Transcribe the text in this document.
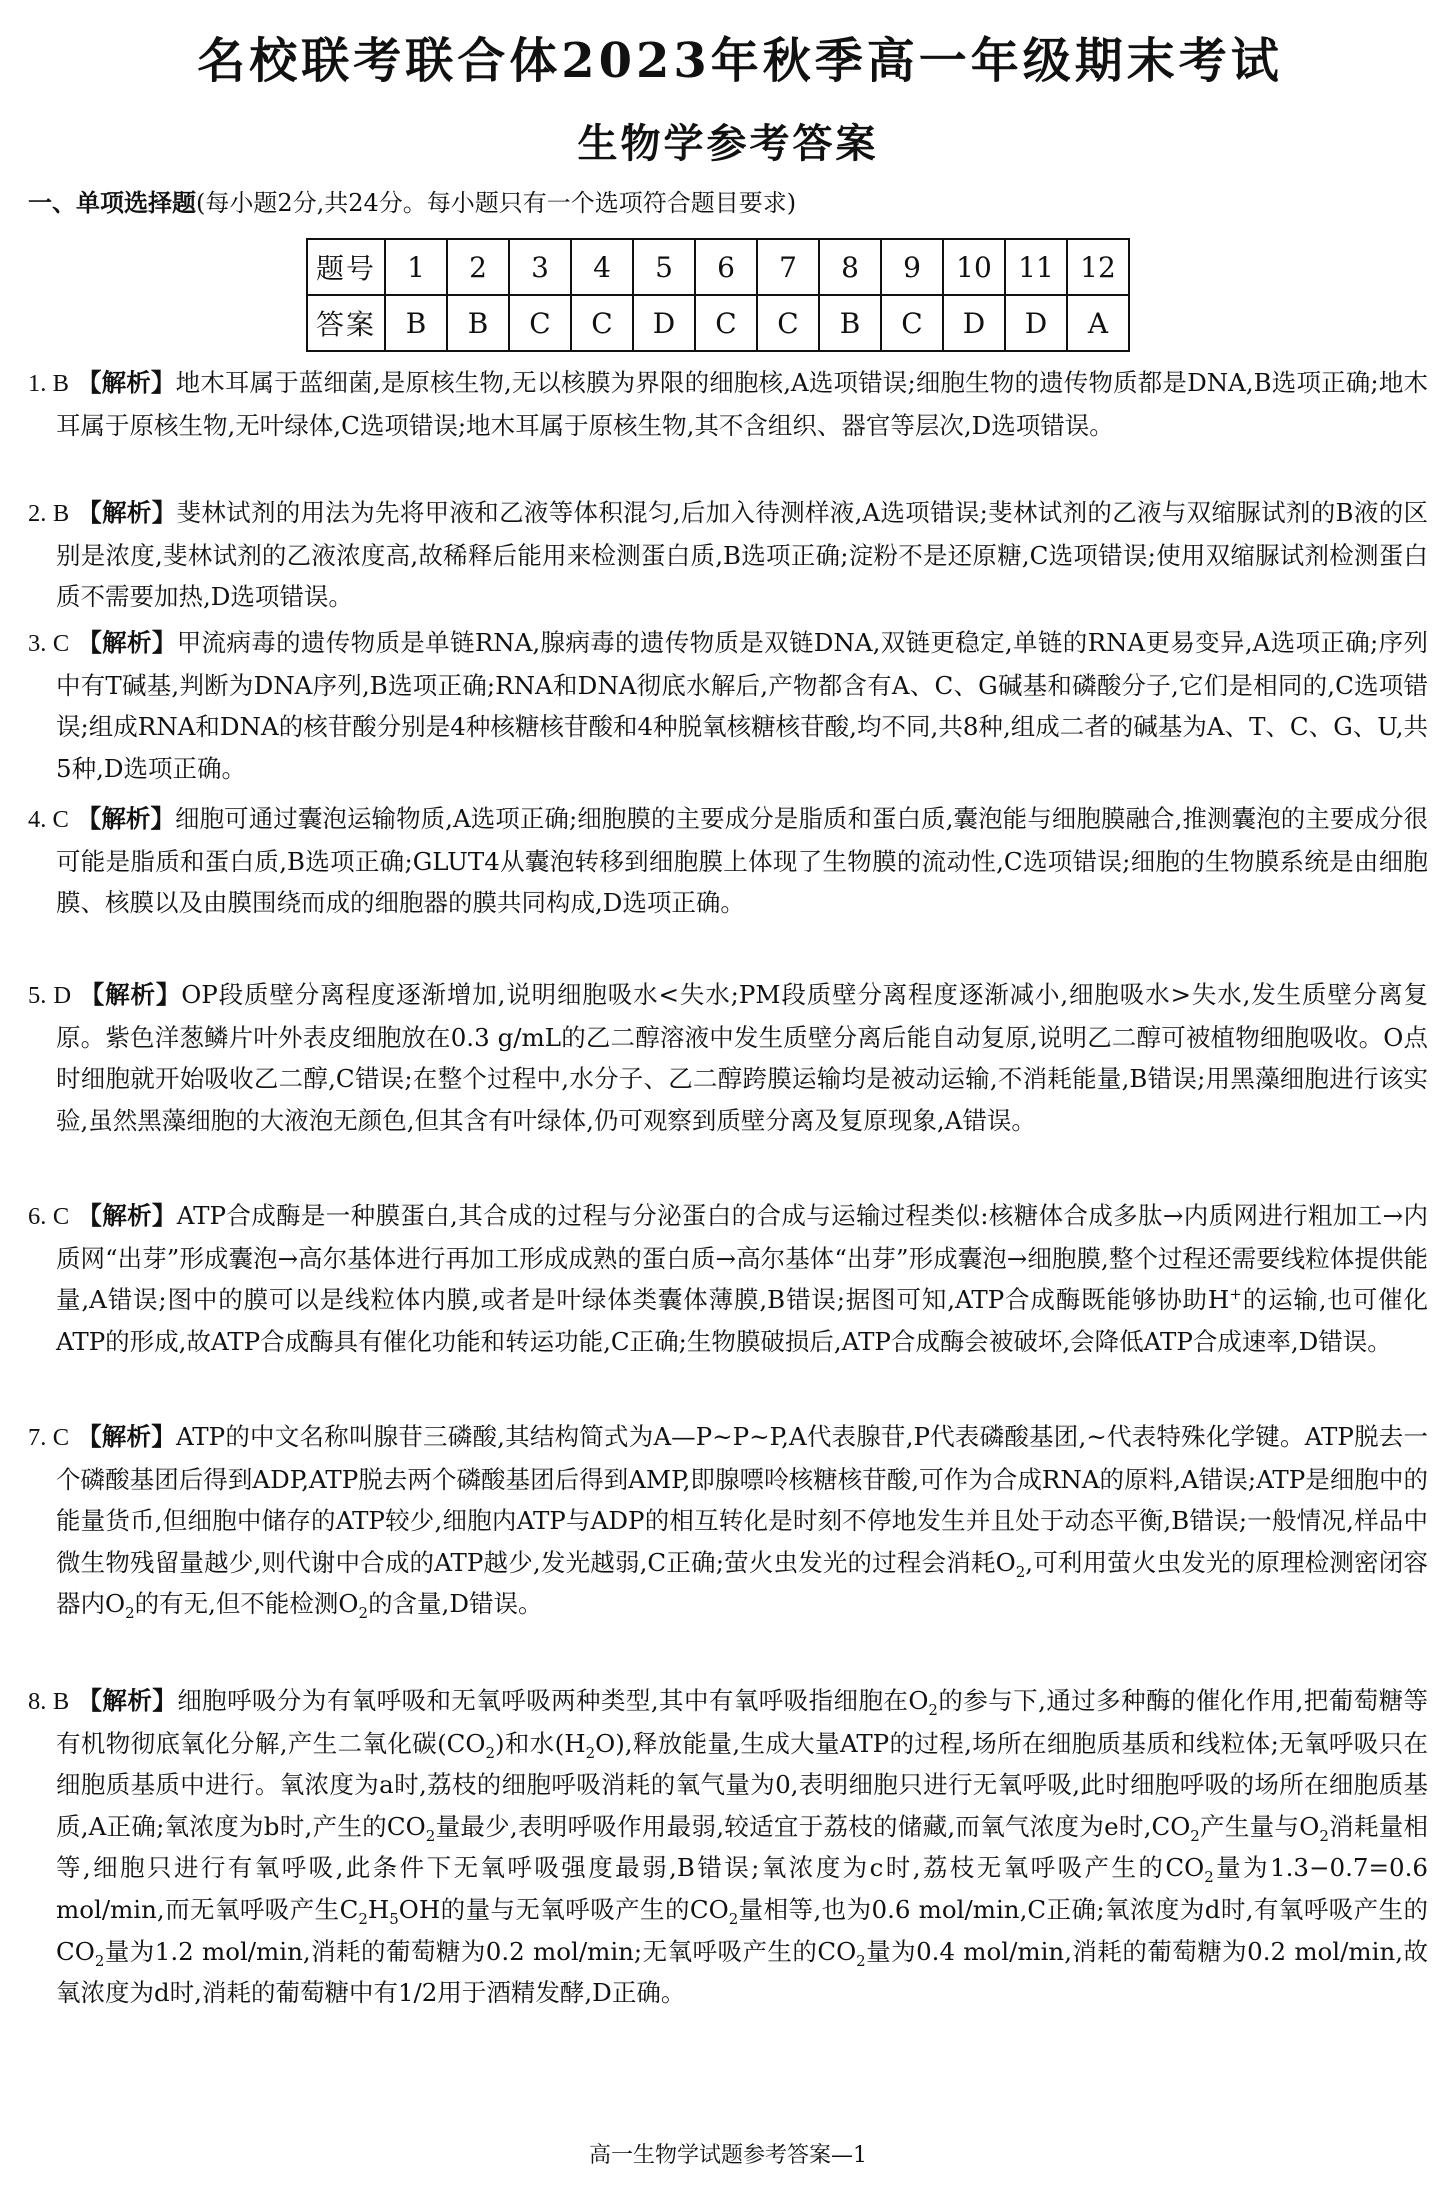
名校联考联合体2023年秋季高一年级期末考试
生物学参考答案
一、单项选择题(每小题2分,共24分。每小题只有一个选项符合题目要求)
题号	1	2	3	4	5	6	7	8	9	10	11	12
答案	B	B	C	C	D	C	C	B	C	D	D	A
1. B 【解析】地木耳属于蓝细菌,是原核生物,无以核膜为界限的细胞核,A选项错误;细胞生物的遗传物质都是DNA,B选项正确;地木耳属于原核生物,无叶绿体,C选项错误;地木耳属于原核生物,其不含组织、器官等层次,D选项错误。
2. B 【解析】斐林试剂的用法为先将甲液和乙液等体积混匀,后加入待测样液,A选项错误;斐林试剂的乙液与双缩脲试剂的B液的区别是浓度,斐林试剂的乙液浓度高,故稀释后能用来检测蛋白质,B选项正确;淀粉不是还原糖,C选项错误;使用双缩脲试剂检测蛋白质不需要加热,D选项错误。
3. C 【解析】甲流病毒的遗传物质是单链RNA,腺病毒的遗传物质是双链DNA,双链更稳定,单链的RNA更易变异,A选项正确;序列中有T碱基,判断为DNA序列,B选项正确;RNA和DNA彻底水解后,产物都含有A、C、G碱基和磷酸分子,它们是相同的,C选项错误;组成RNA和DNA的核苷酸分别是4种核糖核苷酸和4种脱氧核糖核苷酸,均不同,共8种,组成二者的碱基为A、T、C、G、U,共5种,D选项正确。
4. C 【解析】细胞可通过囊泡运输物质,A选项正确;细胞膜的主要成分是脂质和蛋白质,囊泡能与细胞膜融合,推测囊泡的主要成分很可能是脂质和蛋白质,B选项正确;GLUT4从囊泡转移到细胞膜上体现了生物膜的流动性,C选项错误;细胞的生物膜系统是由细胞膜、核膜以及由膜围绕而成的细胞器的膜共同构成,D选项正确。
5. D 【解析】OP段质壁分离程度逐渐增加,说明细胞吸水<失水;PM段质壁分离程度逐渐减小,细胞吸水>失水,发生质壁分离复原。紫色洋葱鳞片叶外表皮细胞放在0.3 g/mL的乙二醇溶液中发生质壁分离后能自动复原,说明乙二醇可被植物细胞吸收。O点时细胞就开始吸收乙二醇,C错误;在整个过程中,水分子、乙二醇跨膜运输均是被动运输,不消耗能量,B错误;用黑藻细胞进行该实验,虽然黑藻细胞的大液泡无颜色,但其含有叶绿体,仍可观察到质壁分离及复原现象,A错误。
6. C 【解析】ATP合成酶是一种膜蛋白,其合成的过程与分泌蛋白的合成与运输过程类似:核糖体合成多肽→内质网进行粗加工→内质网“出芽”形成囊泡→高尔基体进行再加工形成成熟的蛋白质→高尔基体“出芽”形成囊泡→细胞膜,整个过程还需要线粒体提供能量,A错误;图中的膜可以是线粒体内膜,或者是叶绿体类囊体薄膜,B错误;据图可知,ATP合成酶既能够协助H+的运输,也可催化ATP的形成,故ATP合成酶具有催化功能和转运功能,C正确;生物膜破损后,ATP合成酶会被破坏,会降低ATP合成速率,D错误。
7. C 【解析】ATP的中文名称叫腺苷三磷酸,其结构简式为A—P~P~P,A代表腺苷,P代表磷酸基团,~代表特殊化学键。ATP脱去一个磷酸基团后得到ADP,ATP脱去两个磷酸基团后得到AMP,即腺嘌呤核糖核苷酸,可作为合成RNA的原料,A错误;ATP是细胞中的能量货币,但细胞中储存的ATP较少,细胞内ATP与ADP的相互转化是时刻不停地发生并且处于动态平衡,B错误;一般情况,样品中微生物残留量越少,则代谢中合成的ATP越少,发光越弱,C正确;萤火虫发光的过程会消耗$O_2$,可利用萤火虫发光的原理检测密闭容器内$O_2$的有无,但不能检测$O_2$的含量,D错误。
8. B 【解析】细胞呼吸分为有氧呼吸和无氧呼吸两种类型,其中有氧呼吸指细胞在$O_2$的参与下,通过多种酶的催化作用,把葡萄糖等有机物彻底氧化分解,产生二氧化碳$(CO_2)$和水$(H_2O)$,释放能量,生成大量ATP的过程,场所在细胞质基质和线粒体;无氧呼吸只在细胞质基质中进行。氧浓度为a时,荔枝的细胞呼吸消耗的氧气量为0,表明细胞只进行无氧呼吸,此时细胞呼吸的场所在细胞质基质,A正确;氧浓度为b时,产生的$CO_2$量最少,表明呼吸作用最弱,较适宜于荔枝的储藏,而氧气浓度为e时$,CO_2$产生量与$O_2$消耗量相等,细胞只进行有氧呼吸,此条件下无氧呼吸强度最弱,B错误;氧浓度为c时,荔枝无氧呼吸产生的$CO_2$量为1.3−0.7=0.6 mol/min,而无氧呼吸产生$C_2H_5OH$的量与无氧呼吸产生的$CO_2$量相等,也为0.6 mol/min,C正确;氧浓度为d时,有氧呼吸产生的$CO_2$量为1.2 mol/min,消耗的葡萄糖为0.2 mol/min;无氧呼吸产生的$CO_2$量为0.4 mol/min,消耗的葡萄糖为0.2 mol/min,故氧浓度为d时,消耗的葡萄糖中有1/2用于酒精发酵,D正确。
高一生物学试题参考答案—1
